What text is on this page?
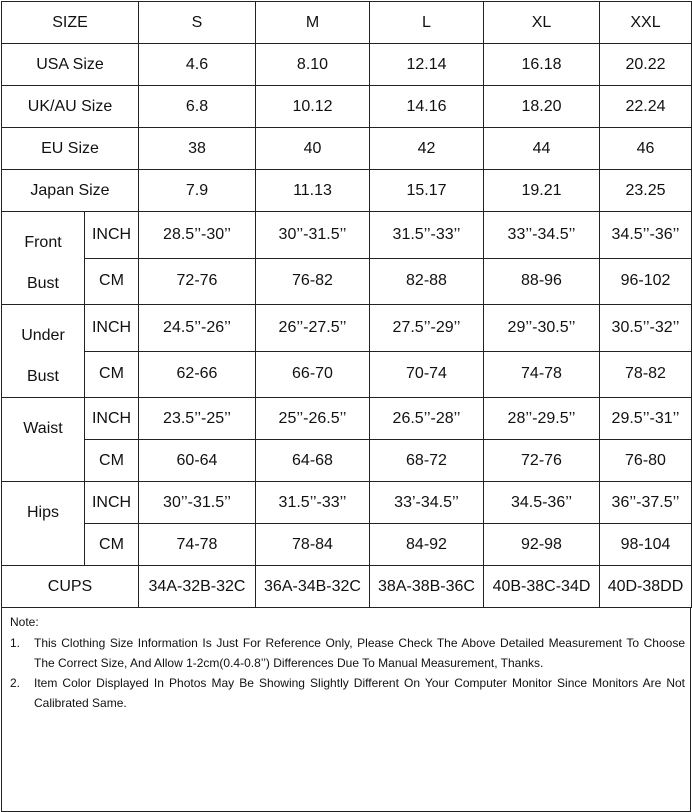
SIZE		S	M	L	XL	XXL
USA Size		4.6	8.10	12.14	16.18	20.22
UK/AU Size		6.8	10.12	14.16	18.20	22.24
EU Size		38	40	42	44	46
Japan Size		7.9	11.13	15.17	19.21	23.25

Front
Bust	INCH	28.5’’-30’’	30’’-31.5’’	31.5’’-33’’	33’’-34.5’’	34.5’’-36’’
	CM	72-76	76-82	82-88	88-96	96-102

Under
Bust	INCH	24.5’’-26’’	26’’-27.5’’	27.5’’-29’’	29’’-30.5’’	30.5’’-32’’
	CM	62-66	66-70	70-74	74-78	78-82

Waist	INCH	23.5’’-25’’	25’’-26.5’’	26.5’’-28’’	28’’-29.5’’	29.5’’-31’’
	CM	60-64	64-68	68-72	72-76	76-80

Hips	INCH	30’’-31.5’’	31.5’’-33’’	33’-34.5’’	34.5-36’’	36’’-37.5’’
	CM	74-78	78-84	84-92	92-98	98-104
CUPS		34A-32B-32C	36A-34B-32C	38A-38B-36C	40B-38C-34D	40D-38DD
Note:
1.	This Clothing Size Information Is Just For Reference Only, Please Check The Above Detailed Measurement To Choose The Correct Size, And Allow 1-2cm(0.4-0.8’’) Differences Due To Manual Measurement, Thanks.
2.	Item Color Displayed In Photos May Be Showing Slightly Different On Your Computer Monitor Since Monitors Are Not Calibrated Same.
